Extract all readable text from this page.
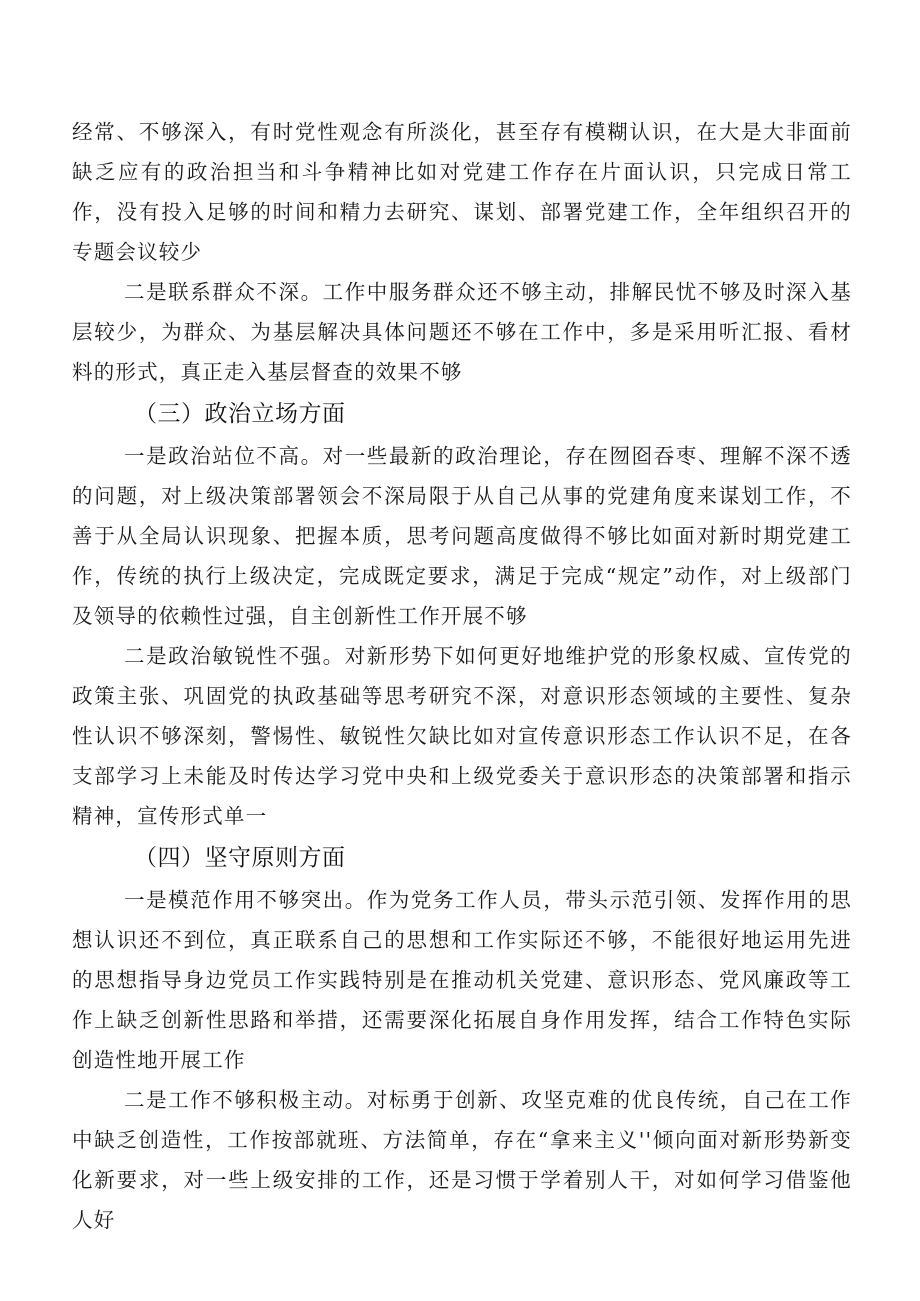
经常、不够深入，有时党性观念有所淡化，甚至存有模糊认识，在大是大非面前缺乏应有的政治担当和斗争精神比如对党建工作存在片面认识，只完成日常工作，没有投入足够的时间和精力去研究、谋划、部署党建工作，全年组织召开的专题会议较少

二是联系群众不深。工作中服务群众还不够主动，排解民忧不够及时深入基层较少，为群众、为基层解决具体问题还不够在工作中，多是采用听汇报、看材料的形式，真正走入基层督查的效果不够

（三）政治立场方面

一是政治站位不高。对一些最新的政治理论，存在囫囵吞枣、理解不深不透的问题，对上级决策部署领会不深局限于从自己从事的党建角度来谋划工作，不善于从全局认识现象、把握本质，思考问题高度做得不够比如面对新时期党建工作，传统的执行上级决定，完成既定要求，满足于完成“规定”动作，对上级部门及领导的依赖性过强，自主创新性工作开展不够

二是政治敏锐性不强。对新形势下如何更好地维护党的形象权威、宣传党的政策主张、巩固党的执政基础等思考研究不深，对意识形态领域的主要性、复杂性认识不够深刻，警惕性、敏锐性欠缺比如对宣传意识形态工作认识不足，在各支部学习上未能及时传达学习党中央和上级党委关于意识形态的决策部署和指示精神，宣传形式单一

（四）坚守原则方面

一是模范作用不够突出。作为党务工作人员，带头示范引领、发挥作用的思想认识还不到位，真正联系自己的思想和工作实际还不够，不能很好地运用先进的思想指导身边党员工作实践特别是在推动机关党建、意识形态、党风廉政等工作上缺乏创新性思路和举措，还需要深化拓展自身作用发挥，结合工作特色实际创造性地开展工作

二是工作不够积极主动。对标勇于创新、攻坚克难的优良传统，自己在工作中缺乏创造性，工作按部就班、方法简单，存在“拿来主义''倾向面对新形势新变化新要求，对一些上级安排的工作，还是习惯于学着别人干，对如何学习借鉴他人好
